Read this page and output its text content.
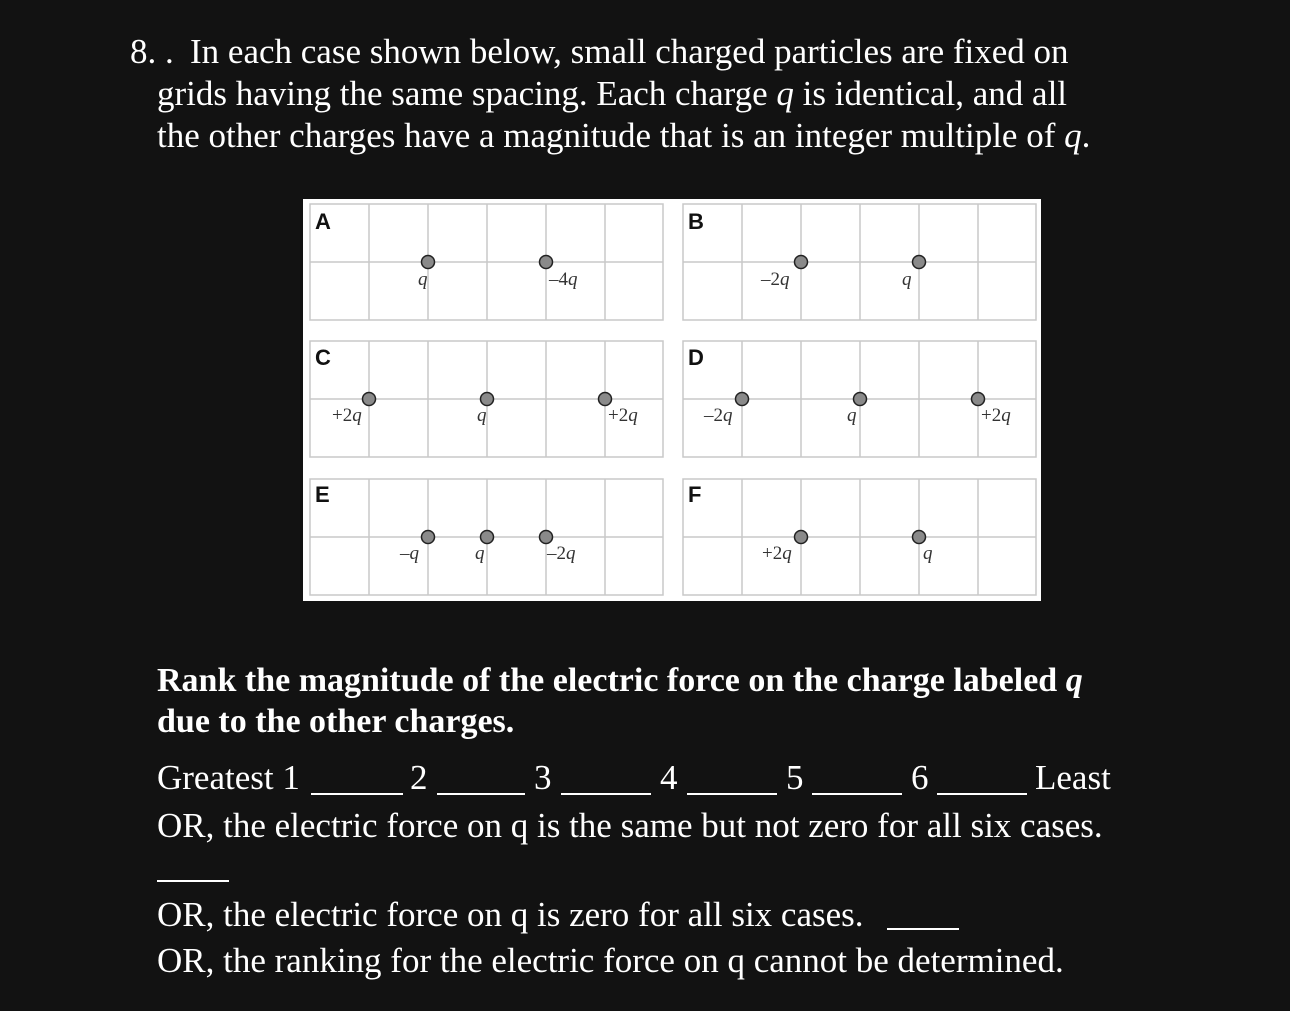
8. . In each case shown below, small charged particles are fixed on
grids having the same spacing. Each charge q is identical, and all
the other charges have a magnitude that is an integer multiple of q.
A
q	–4q
B
–2q	q
C
+2q	q	+2q
D
–2q	q	+2q
E
–q	q	–2q
F
+2q	q
Rank the magnitude of the electric force on the charge labeled q
due to the other charges.
Greatest 1	2	3	4	5	6	Least
OR, the electric force on q is the same but not zero for all six cases.
OR, the electric force on q is zero for all six cases.
OR, the ranking for the electric force on q cannot be determined.
